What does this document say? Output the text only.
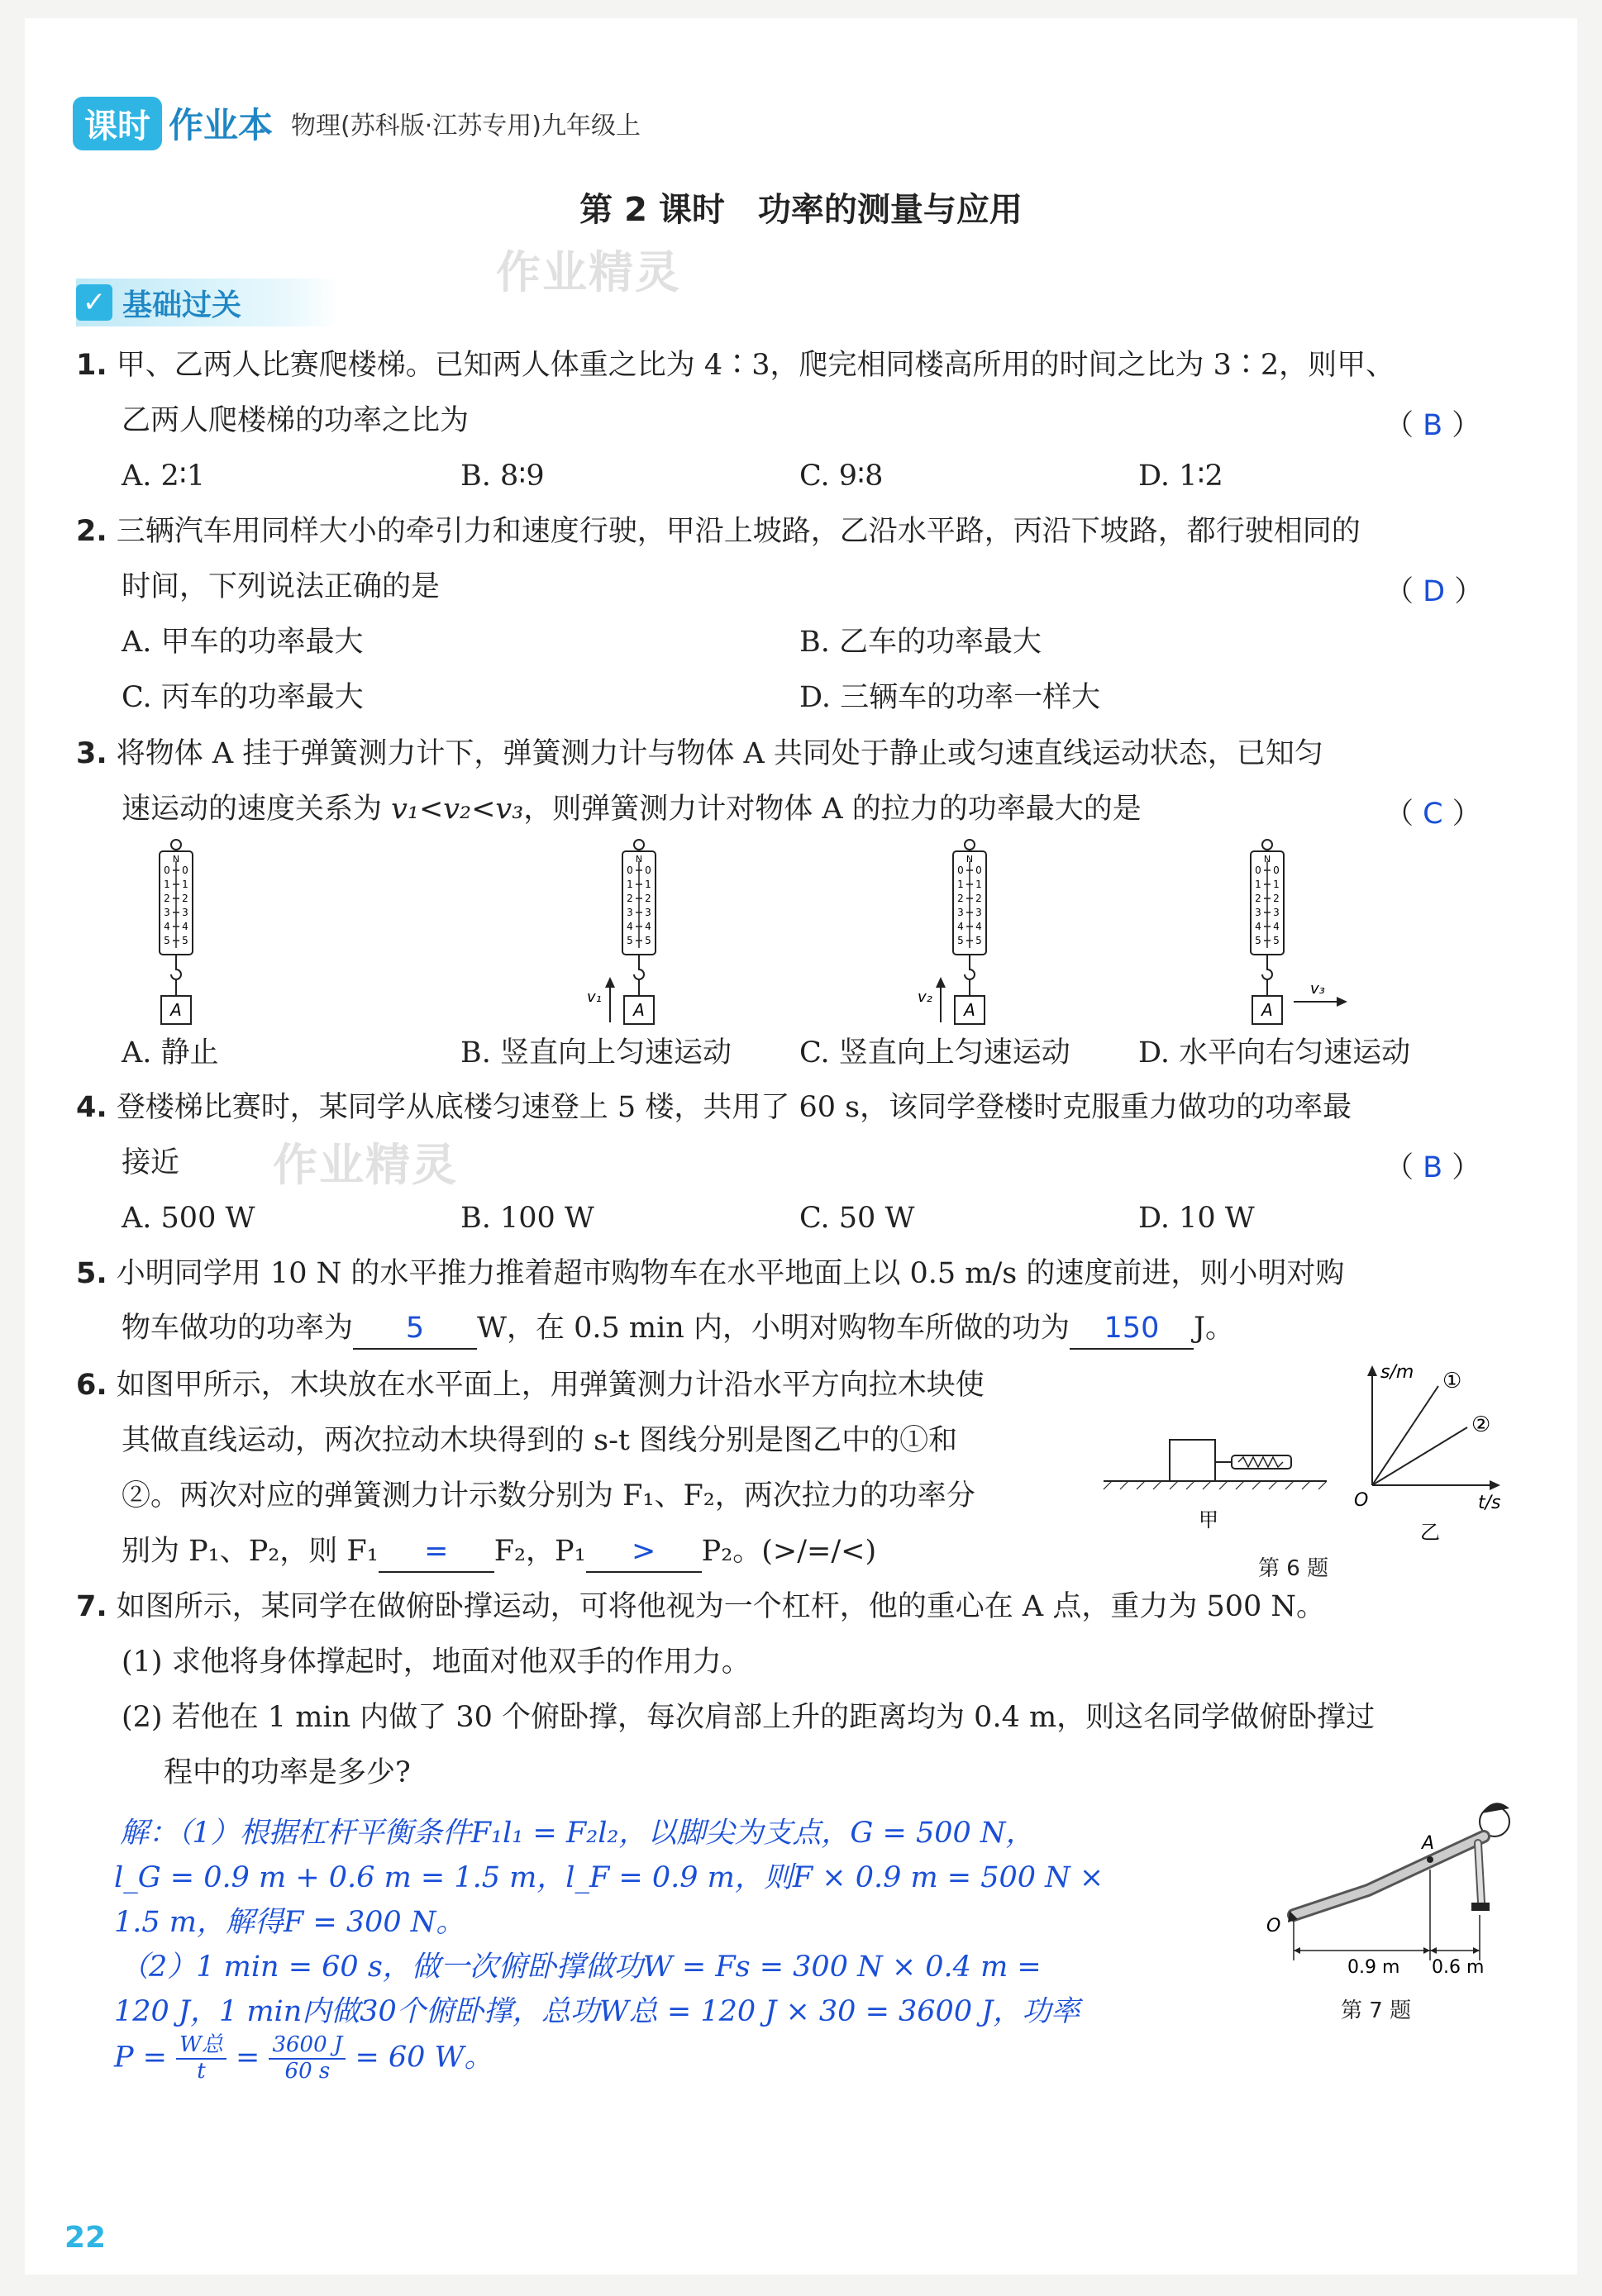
课时 作业本 物理(苏科版·江苏专用)九年级上
第 2 课时　功率的测量与应用
作业精灵
作业精灵
✓ 基础过关
1. 甲、乙两人比赛爬楼梯。已知两人体重之比为 4∶3，爬完相同楼高所用的时间之比为 3∶2，则甲、
乙两人爬楼梯的功率之比为	（ B ）
A. 2∶1	B. 8∶9	C. 9∶8	D. 1∶2
2. 三辆汽车用同样大小的牵引力和速度行驶，甲沿上坡路，乙沿水平路，丙沿下坡路，都行驶相同的
时间，下列说法正确的是	（ D ）
A. 甲车的功率最大	B. 乙车的功率最大
C. 丙车的功率最大	D. 三辆车的功率一样大
3. 将物体 A 挂于弹簧测力计下，弹簧测力计与物体 A 共同处于静止或匀速直线运动状态，已知匀
速运动的速度关系为 v₁<v₂<v₃，则弹簧测力计对物体 A 的拉力的功率最大的是	（ C ）
A	A
v₁
A
v₂
A
v₃
N
0 0
1 1
2 2
3 3
4 4
5 5
N
0 0
1 1
2 2
3 3
4 4
5 5
N
0 0
1 1
2 2
3 3
4 4
5 5
N
0 0
1 1
2 2
3 3
4 4
5 5
A. 静止	B. 竖直向上匀速运动 C. 竖直向上匀速运动 D. 水平向右匀速运动
4. 登楼梯比赛时，某同学从底楼匀速登上 5 楼，共用了 60 s，该同学登楼时克服重力做功的功率最
接近	（ B ）
A. 500 W	B. 100 W	C. 50 W	D. 10 W
5. 小明同学用 10 N 的水平推力推着超市购物车在水平地面上以 0.5 m/s 的速度前进，则小明对购
物车做功的功率为 5 W，在 0.5 min 内，小明对购物车所做的功为 150 J。
6. 如图甲所示，木块放在水平面上，用弹簧测力计沿水平方向拉木块使
其做直线运动，两次拉动木块得到的 s-t 图线分别是图乙中的①和
②。两次对应的弹簧测力计示数分别为 F₁、F₂，两次拉力的功率分
别为 P₁、P₂，则 F₁ = F₂，P₁ > P₂。(>/=/<)
甲
s/m
t/s
O
①
②
乙
第 6 题
7. 如图所示，某同学在做俯卧撑运动，可将他视为一个杠杆，他的重心在 A 点，重力为 500 N。
(1) 求他将身体撑起时，地面对他双手的作用力。
(2) 若他在 1 min 内做了 30 个俯卧撑，每次肩部上升的距离均为 0.4 m，则这名同学做俯卧撑过
程中的功率是多少?
解：（1）根据杠杆平衡条件F₁l₁ = F₂l₂，以脚尖为支点，G = 500 N，
l_G = 0.9 m + 0.6 m = 1.5 m，l_F = 0.9 m，则F × 0.9 m = 500 N ×
1.5 m，解得F = 300 N。
（2）1 min = 60 s，做一次俯卧撑做功W = Fs = 300 N × 0.4 m =
120 J，1 min内做30个俯卧撑，总功W总 = 120 J × 30 = 3600 J，功率
$P = \frac{\text{W总}}{t} = \frac{3600 J}{60 s} = 60$ W。
A
O
0.9 m 0.6 m
第 7 题
22
